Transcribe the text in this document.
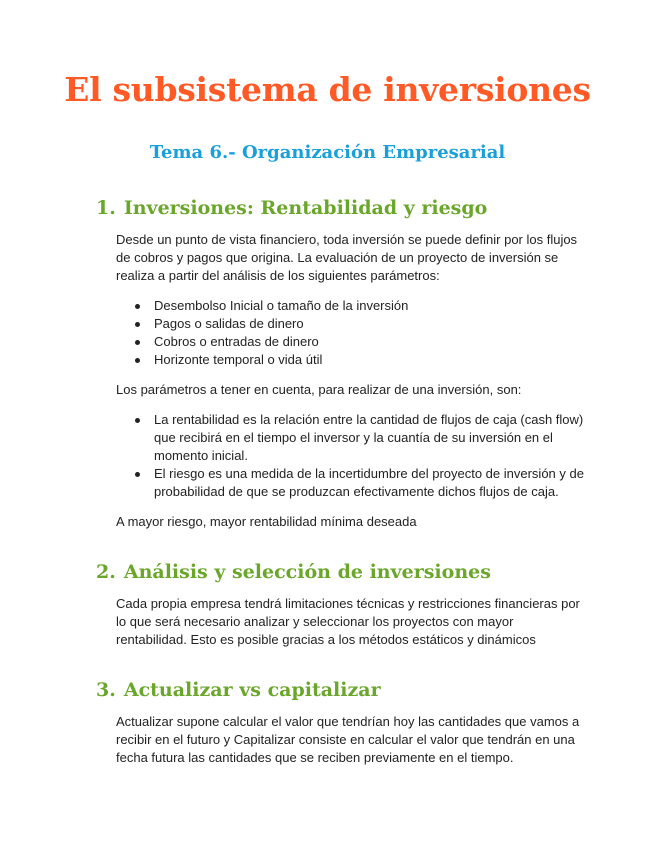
El subsistema de inversiones
Tema 6.- Organización Empresarial
1. Inversiones: Rentabilidad y riesgo

Desde un punto de vista financiero, toda inversión se puede definir por los flujos de cobros y pagos que origina. La evaluación de un proyecto de inversión se realiza a partir del análisis de los siguientes parámetros:

Desembolso Inicial o tamaño de la inversión
Pagos o salidas de dinero
Cobros o entradas de dinero
Horizonte temporal o vida útil

Los parámetros a tener en cuenta, para realizar de una inversión, son:

La rentabilidad es la relación entre la cantidad de flujos de caja (cash flow) que recibirá en el tiempo el inversor y la cuantía de su inversión en el momento inicial.
El riesgo es una medida de la incertidumbre del proyecto de inversión y de probabilidad de que se produzcan efectivamente dichos flujos de caja.

A mayor riesgo, mayor rentabilidad mínima deseada

2. Análisis y selección de inversiones

Cada propia empresa tendrá limitaciones técnicas y restricciones financieras por lo que será necesario analizar y seleccionar los proyectos con mayor rentabilidad. Esto es posible gracias a los métodos estáticos y dinámicos

3. Actualizar vs capitalizar

Actualizar supone calcular el valor que tendrían hoy las cantidades que vamos a recibir en el futuro y Capitalizar consiste en calcular el valor que tendrán en una fecha futura las cantidades que se reciben previamente en el tiempo.
